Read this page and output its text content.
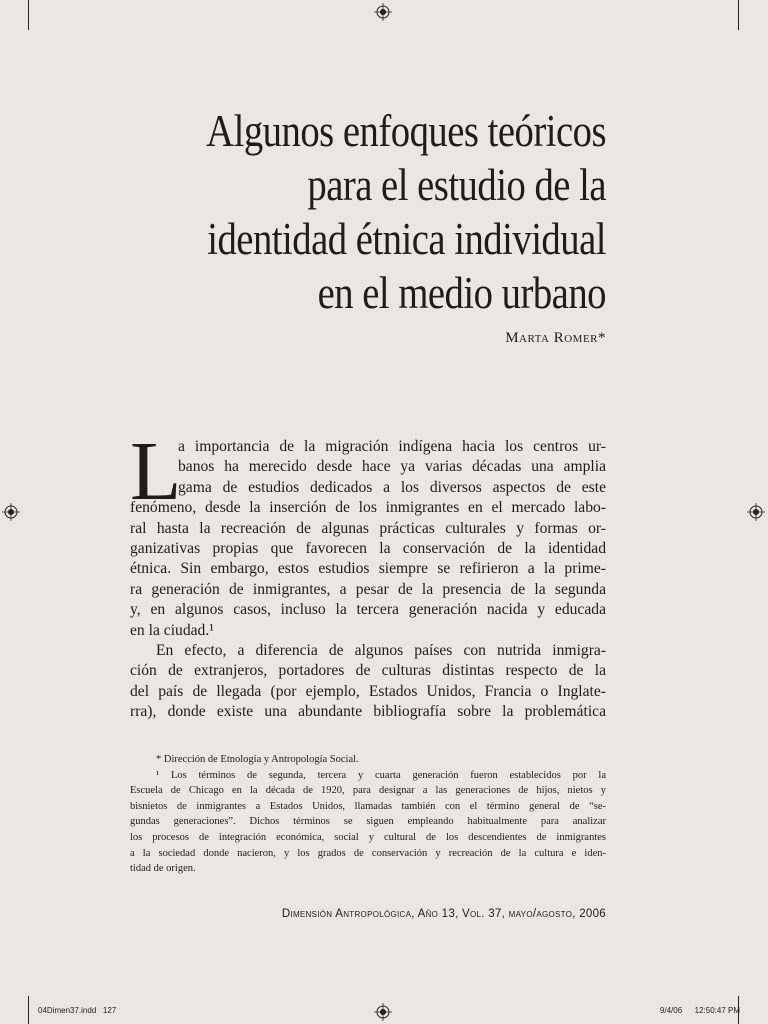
Algunos enfoques teóricos
para el estudio de la
identidad étnica individual
en el medio urbano
Marta Romer*
L
a importancia de la migración indígena hacia los centros ur-
banos ha merecido desde hace ya varias décadas una amplia
gama de estudios dedicados a los diversos aspectos de este
fenómeno, desde la inserción de los inmigrantes en el mercado labo-
ral hasta la recreación de algunas prácticas culturales y formas or-
ganizativas propias que favorecen la conservación de la identidad
étnica. Sin embargo, estos estudios siempre se refirieron a la prime-
ra generación de inmigrantes, a pesar de la presencia de la segunda
y, en algunos casos, incluso la tercera generación nacida y educada
en la ciudad.¹
En efecto, a diferencia de algunos países con nutrida inmigra-
ción de extranjeros, portadores de culturas distintas respecto de la
del país de llegada (por ejemplo, Estados Unidos, Francia o Inglate-
rra), donde existe una abundante bibliografía sobre la problemática
* Dirección de Etnología y Antropología Social.
¹ Los términos de segunda, tercera y cuarta generación fueron establecidos por la
Escuela de Chicago en la década de 1920, para designar a las generaciones de hijos, nietos y
bisnietos de inmigrantes a Estados Unidos, llamadas también con el término general de “se-
gundas generaciones”. Dichos términos se siguen empleando habitualmente para analizar
los procesos de integración económica, social y cultural de los descendientes de inmigrantes
a la sociedad donde nacieron, y los grados de conservación y recreación de la cultura e iden-
tidad de origen.
Dimensión Antropológica, Año 13, Vol. 37, mayo/agosto, 2006
04Dimen37.indd   127	9/4/06 12:50:47 PM
